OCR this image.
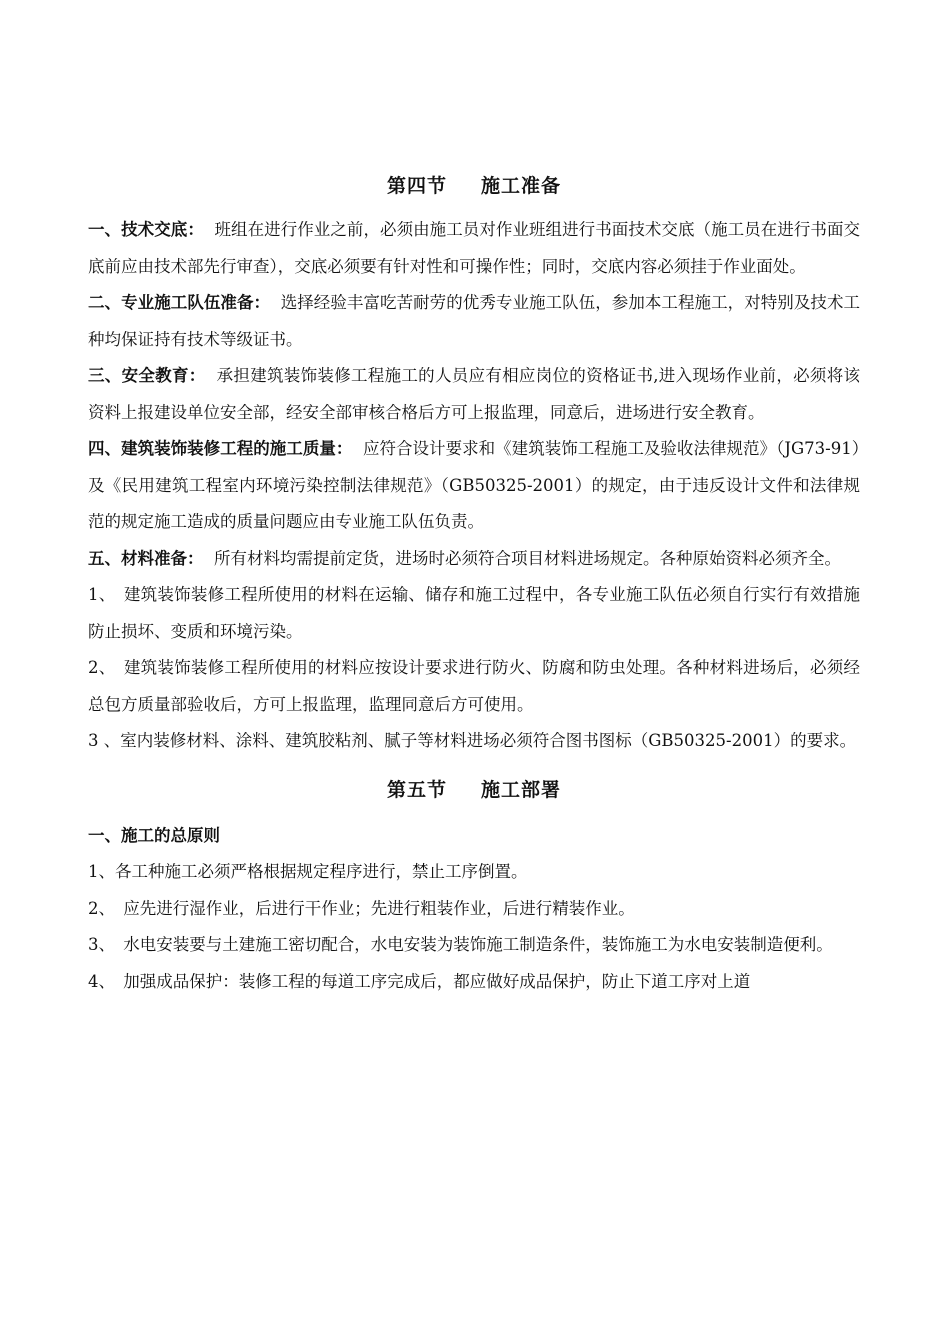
第四节 施工准备

一、技术交底： 班组在进行作业之前，必须由施工员对作业班组进行书面技术交底（施工员在进行书面交底前应由技术部先行审查），交底必须要有针对性和可操作性；同时，交底内容必须挂于作业面处。

二、专业施工队伍准备： 选择经验丰富吃苦耐劳的优秀专业施工队伍，参加本工程施工，对特别及技术工种均保证持有技术等级证书。

三、安全教育： 承担建筑装饰装修工程施工的人员应有相应岗位的资格证书,进入现场作业前，必须将该资料上报建设单位安全部，经安全部审核合格后方可上报监理，同意后，进场进行安全教育。

四、建筑装饰装修工程的施工质量： 应符合设计要求和《建筑装饰工程施工及验收法律规范》（JG73-91）及《民用建筑工程室内环境污染控制法律规范》（GB50325-2001）的规定，由于违反设计文件和法律规范的规定施工造成的质量问题应由专业施工队伍负责。

五、材料准备： 所有材料均需提前定货，进场时必须符合项目材料进场规定。各种原始资料必须齐全。

1、　建筑装饰装修工程所使用的材料在运输、储存和施工过程中，各专业施工队伍必须自行实行有效措施防止损坏、变质和环境污染。

2、　建筑装饰装修工程所使用的材料应按设计要求进行防火、防腐和防虫处理。各种材料进场后，必须经总包方质量部验收后，方可上报监理，监理同意后方可使用。

3 、室内装修材料、涂料、建筑胶粘剂、腻子等材料进场必须符合图书图标（GB50325-2001）的要求。

第五节 施工部署

一、施工的总原则

1、各工种施工必须严格根据规定程序进行，禁止工序倒置。

2、　应先进行湿作业，后进行干作业；先进行粗装作业，后进行精装作业。

3、　水电安装要与土建施工密切配合，水电安装为装饰施工制造条件，装饰施工为水电安装制造便利。

4、　加强成品保护：装修工程的每道工序完成后，都应做好成品保护，防止下道工序对上道
